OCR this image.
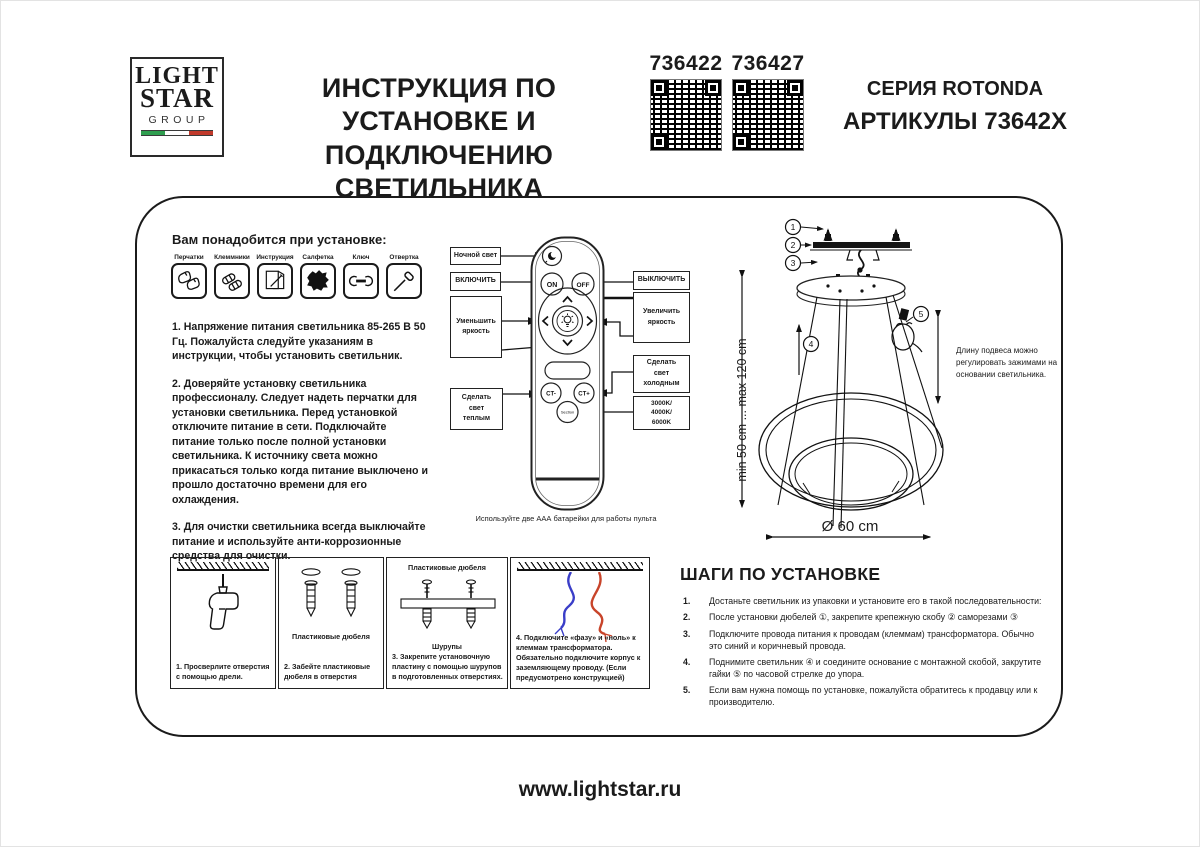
LIGHT
STAR
GROUP
ИНСТРУКЦИЯ ПО УСТАНОВКЕ И
ПОДКЛЮЧЕНИЮ СВЕТИЛЬНИКА
736422 736427
СЕРИЯ ROTONDA
АРТИКУЛЫ 73642X
Вам понадобится при установке:
Перчатки	Клеммники	Инструкция	Салфетка	Ключ	Отвертка

1. Напряжение питания светильника 85-265 В 50 Гц. Пожалуйста следуйте указаниям в инструкции, чтобы установить светильник.

2. Доверяйте установку светильника профессионалу. Следует надеть перчатки для установки светильника. Перед установкой отключите питание в сети. Подключайте питание только после полной установки светильника. К источнику света можно прикасаться только когда питание выключено и прошло достаточно времени для его охлаждения.

3. Для очистки светильника всегда выключайте питание и используйте анти-коррозионные средства для очистки.

Ночной свет
ВКЛЮЧИТЬ
Уменьшить яркость
Сделать свет теплым
ВЫКЛЮЧИТЬ
Увеличить яркость
Сделать свет холодным
3000K/
4000K/
6000K
ON	OFF
CT-	CT+
Section
Используйте две ААА батарейки для работы пульта
1
2
3
4
5
min 50 cm ... max 120 cm
Ø 60 cm
Длину подвеса можно регулировать зажимами на основании светильника.
1. Просверлите отверстия с помощью дрели.
Пластиковые дюбеля
2. Забейте пластиковые дюбеля в отверстия
Пластиковые дюбеля
Шурупы
3. Закрепите установочную пластину с помощью шурупов в подготовленных отверстиях.
4. Подключите «фазу» и «ноль» к клеммам трансформатора. Обязательно подключите корпус к заземляющему проводу. (Если предусмотрено конструкцией)
ШАГИ ПО УСТАНОВКЕ
1.	Достаньте светильник из упаковки и установите его в такой последовательности:
2.	После установки дюбелей ①, закрепите крепежную скобу ② саморезами ③
3.	Подключите провода питания к проводам (клеммам) трансформатора. Обычно это синий и коричневый провода.
4.	Поднимите светильник ④ и соедините основание с монтажной скобой, закрутите гайки ⑤ по часовой стрелке до упора.
5.	Если вам нужна помощь по установке, пожалуйста обратитесь к продавцу или к производителю.
www.lightstar.ru
